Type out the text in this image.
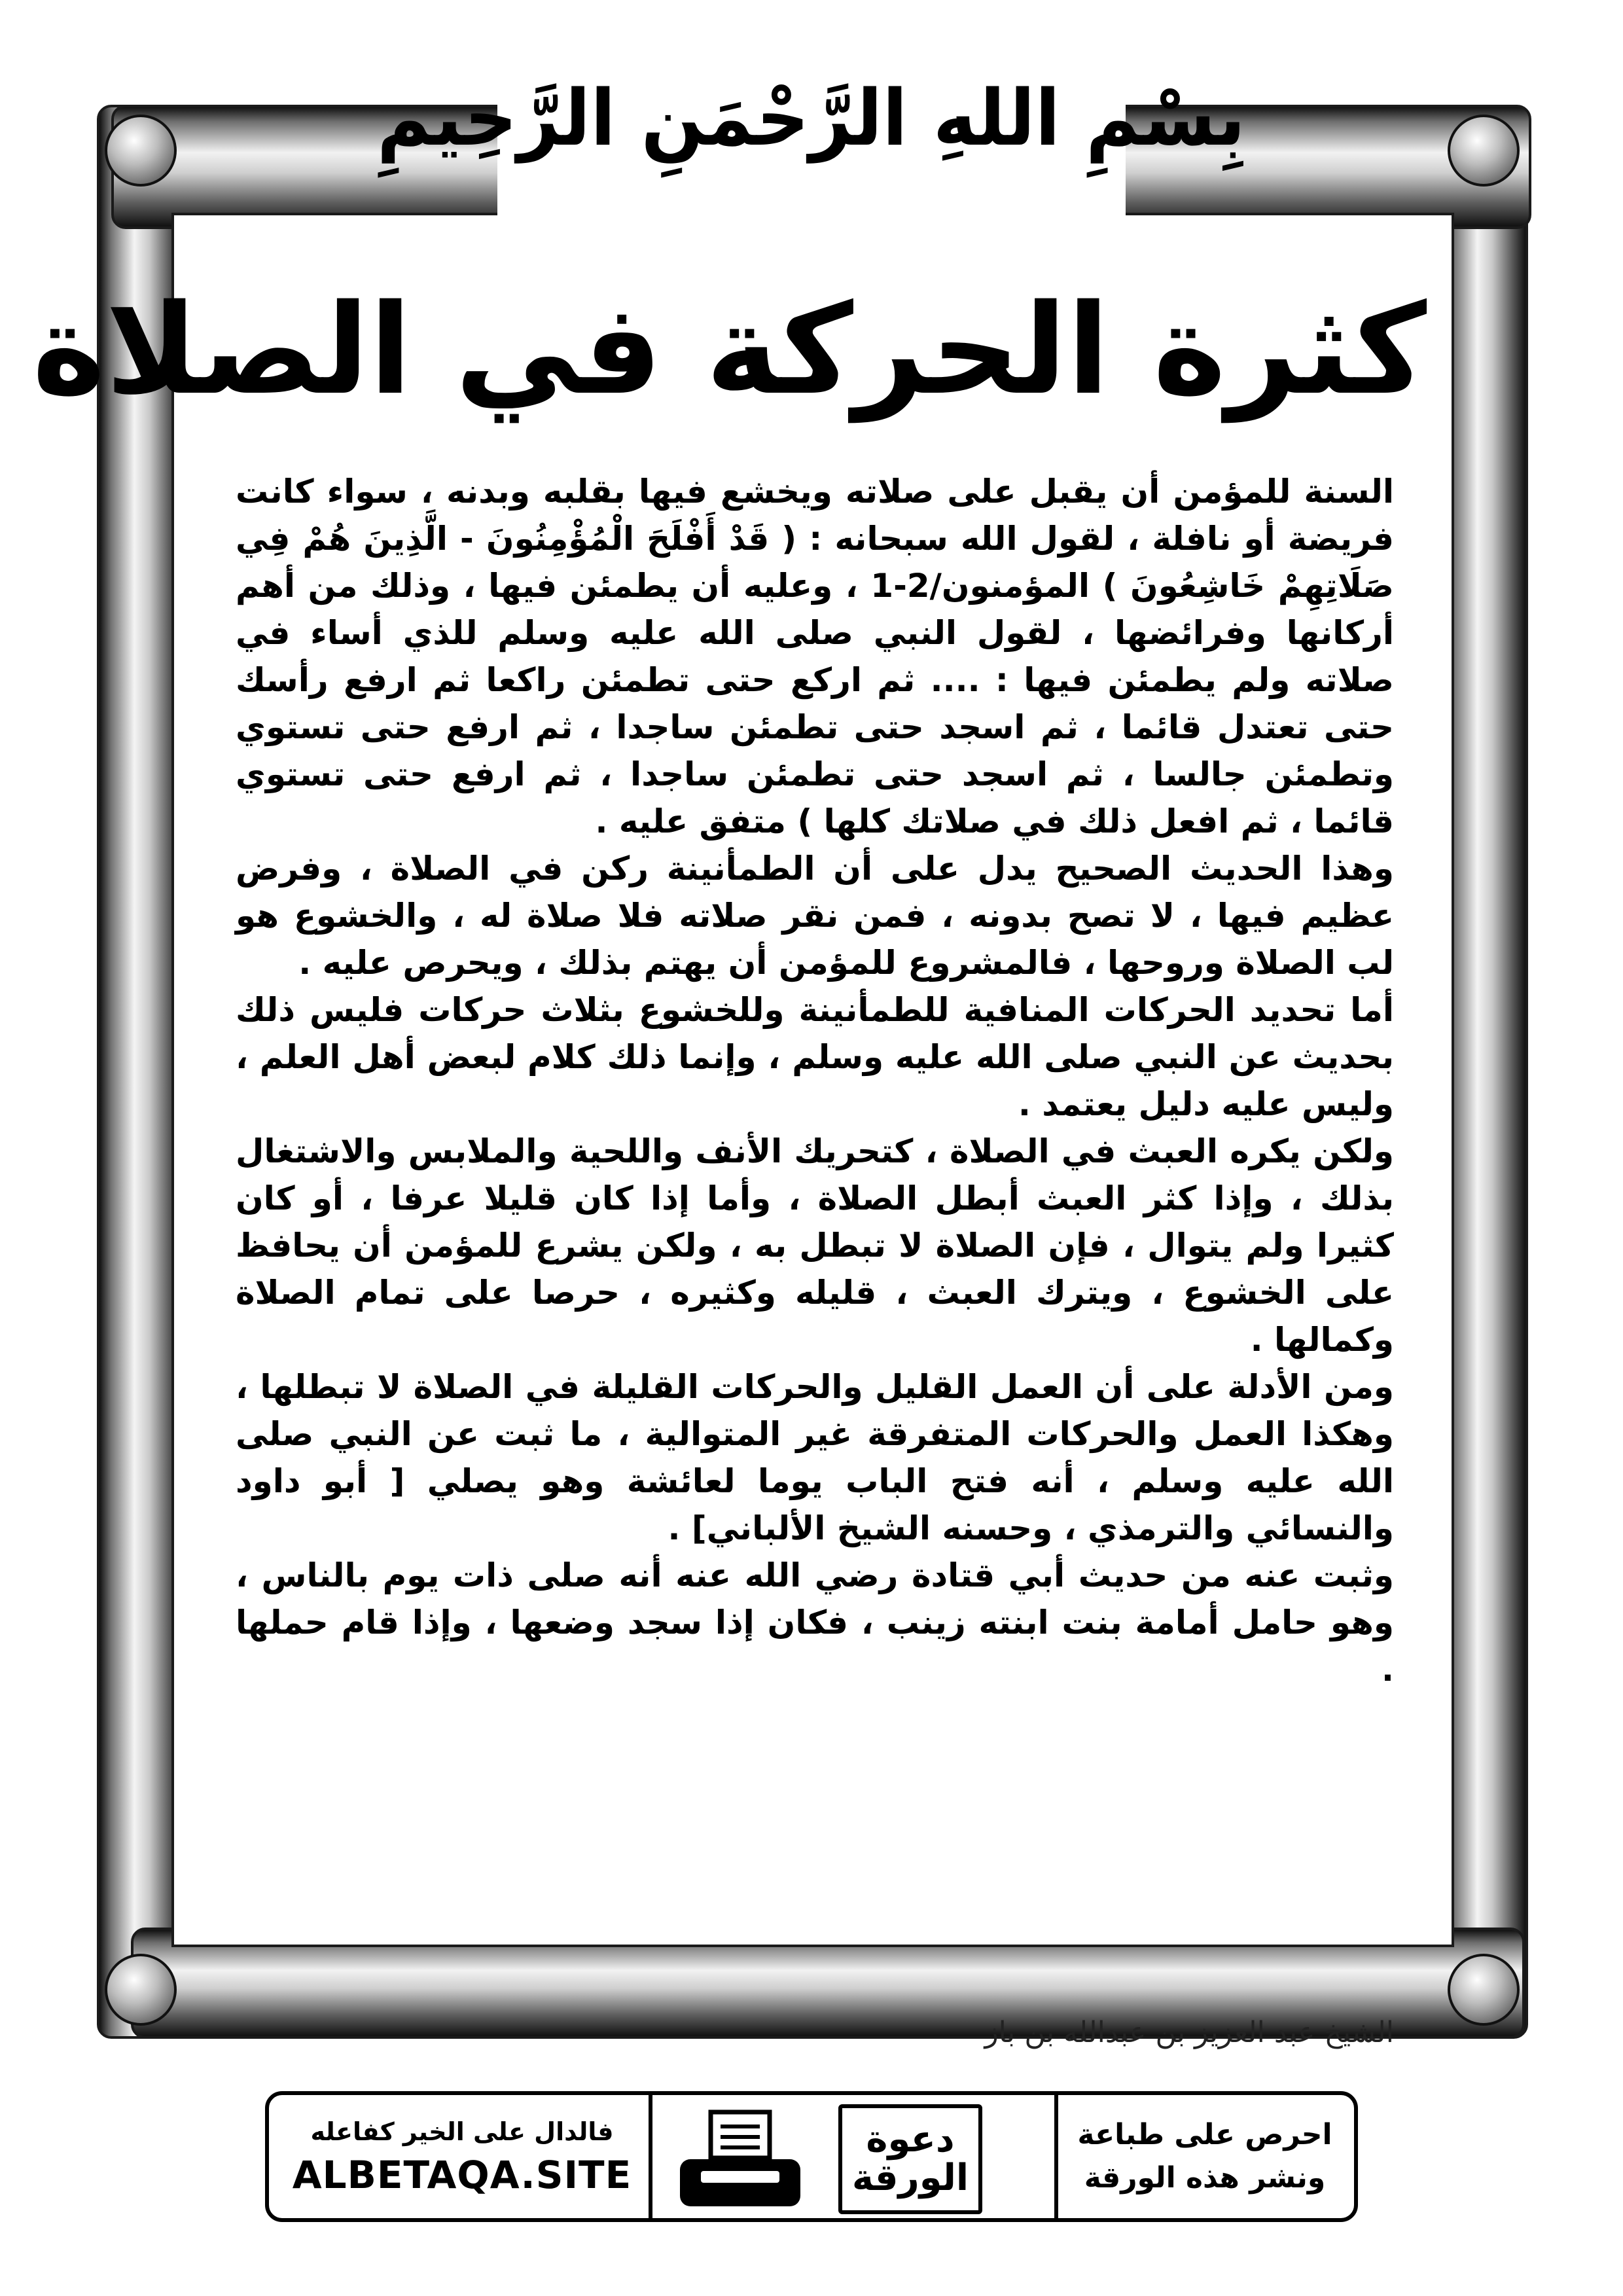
بِسْمِ اللهِ الرَّحْمَنِ الرَّحِيمِ
كثرة الحركة في الصلاة

السنة للمؤمن أن يقبل على صلاته ويخشع فيها بقلبه وبدنه ، سواء كانت فريضة أو نافلة ، لقول الله سبحانه : ( قَدْ أَفْلَحَ الْمُؤْمِنُونَ - الَّذِينَ هُمْ فِي صَلَاتِهِمْ خَاشِعُونَ ) المؤمنون/2-1 ، وعليه أن يطمئن فيها ، وذلك من أهم أركانها وفرائضها ، لقول النبي صلى الله عليه وسلم للذي أساء في صلاته ولم يطمئن فيها : .... ثم اركع حتى تطمئن راكعا ثم ارفع رأسك حتى تعتدل قائما ، ثم اسجد حتى تطمئن ساجدا ، ثم ارفع حتى تستوي وتطمئن جالسا ، ثم اسجد حتى تطمئن ساجدا ، ثم ارفع حتى تستوي قائما ، ثم افعل ذلك في صلاتك كلها ) متفق عليه .

وهذا الحديث الصحيح يدل على أن الطمأنينة ركن في الصلاة ، وفرض عظيم فيها ، لا تصح بدونه ، فمن نقر صلاته فلا صلاة له ، والخشوع هو لب الصلاة وروحها ، فالمشروع للمؤمن أن يهتم بذلك ، ويحرص عليه .

أما تحديد الحركات المنافية للطمأنينة وللخشوع بثلاث حركات فليس ذلك بحديث عن النبي صلى الله عليه وسلم ، وإنما ذلك كلام لبعض أهل العلم ، وليس عليه دليل يعتمد .

ولكن يكره العبث في الصلاة ، كتحريك الأنف واللحية والملابس والاشتغال بذلك ، وإذا كثر العبث أبطل الصلاة ، وأما إذا كان قليلا عرفا ، أو كان كثيرا ولم يتوال ، فإن الصلاة لا تبطل به ، ولكن يشرع للمؤمن أن يحافظ على الخشوع ، ويترك العبث ، قليله وكثيره ، حرصا على تمام الصلاة وكمالها .

ومن الأدلة على أن العمل القليل والحركات القليلة في الصلاة لا تبطلها ، وهكذا العمل والحركات المتفرقة غير المتوالية ، ما ثبت عن النبي صلى الله عليه وسلم ، أنه فتح الباب يوما لعائشة وهو يصلي [ أبو داود والنسائي والترمذي ، وحسنه الشيخ الألباني] .

وثبت عنه من حديث أبي قتادة رضي الله عنه أنه صلى ذات يوم بالناس ، وهو حامل أمامة بنت ابنته زينب ، فكان إذا سجد وضعها ، وإذا قام حملها .

الشيخ عبد العزيز بن عبدالله بن باز
فالدال على الخير كفاعله
ALBETAQA.SITE
دعوة
الورقة
احرص على طباعة
ونشر هذه الورقة
